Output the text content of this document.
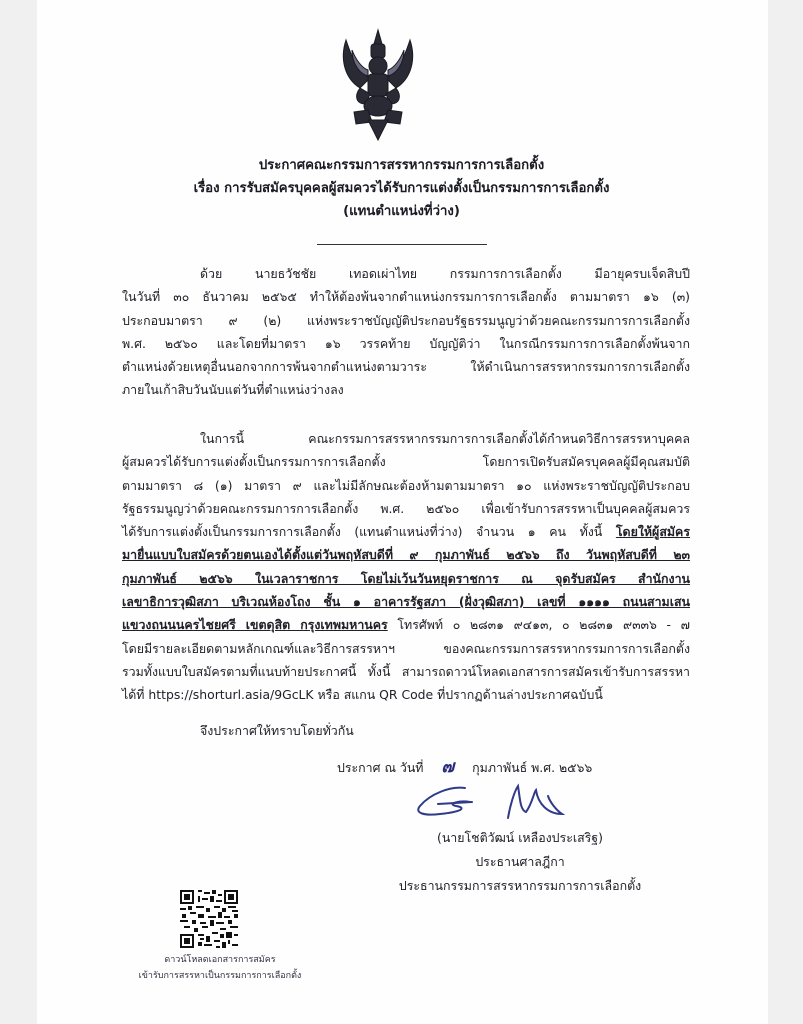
ประกาศคณะกรรมการสรรหากรรมการการเลือกตั้ง
เรื่อง การรับสมัครบุคคลผู้สมควรได้รับการแต่งตั้งเป็นกรรมการการเลือกตั้ง
(แทนตำแหน่งที่ว่าง)
ด้วย นายธวัชชัย เทอดเผ่าไทย กรรมการการเลือกตั้ง มีอายุครบเจ็ดสิบปี
ในวันที่ ๓๐ ธันวาคม ๒๕๖๕ ทำให้ต้องพ้นจากตำแหน่งกรรมการการเลือกตั้ง ตามมาตรา ๑๖ (๓)
ประกอบมาตรา ๙ (๒) แห่งพระราชบัญญัติประกอบรัฐธรรมนูญว่าด้วยคณะกรรมการการเลือกตั้ง
พ.ศ. ๒๕๖๐ และโดยที่มาตรา ๑๖ วรรคท้าย บัญญัติว่า ในกรณีกรรมการการเลือกตั้งพ้นจาก
ตำแหน่งด้วยเหตุอื่นนอกจากการพ้นจากตำแหน่งตามวาระ ให้ดำเนินการสรรหากรรมการการเลือกตั้ง
ภายในเก้าสิบวันนับแต่วันที่ตำแหน่งว่างลง
ในการนี้ คณะกรรมการสรรหากรรมการการเลือกตั้งได้กำหนดวิธีการสรรหาบุคคล
ผู้สมควรได้รับการแต่งตั้งเป็นกรรมการการเลือกตั้ง โดยการเปิดรับสมัครบุคคลผู้มีคุณสมบัติ
ตามมาตรา ๘ (๑) มาตรา ๙ และไม่มีลักษณะต้องห้ามตามมาตรา ๑๐ แห่งพระราชบัญญัติประกอบ
รัฐธรรมนูญว่าด้วยคณะกรรมการการเลือกตั้ง พ.ศ. ๒๕๖๐ เพื่อเข้ารับการสรรหาเป็นบุคคลผู้สมควร
ได้รับการแต่งตั้งเป็นกรรมการการเลือกตั้ง (แทนตำแหน่งที่ว่าง) จำนวน ๑ คน ทั้งนี้ โดยให้ผู้สมัคร
มายื่นแบบใบสมัครด้วยตนเองได้ตั้งแต่วันพฤหัสบดีที่ ๙ กุมภาพันธ์ ๒๕๖๖ ถึง วันพฤหัสบดีที่ ๒๓
กุมภาพันธ์ ๒๕๖๖ ในเวลาราชการ โดยไม่เว้นวันหยุดราชการ ณ จุดรับสมัคร สำนักงาน
เลขาธิการวุฒิสภา บริเวณห้องโถง ชั้น ๑ อาคารรัฐสภา (ฝั่งวุฒิสภา) เลขที่ ๑๑๑๑ ถนนสามเสน
แขวงถนนนครไชยศรี เขตดุสิต กรุงเทพมหานคร โทรศัพท์ ๐ ๒๘๓๑ ๙๔๑๓, ๐ ๒๘๓๑ ๙๓๓๖ - ๗
โดยมีรายละเอียดตามหลักเกณฑ์และวิธีการสรรหาฯ ของคณะกรรมการสรรหากรรมการการเลือกตั้ง
รวมทั้งแบบใบสมัครตามที่แนบท้ายประกาศนี้ ทั้งนี้ สามารถดาวน์โหลดเอกสารการสมัครเข้ารับการสรรหา
ได้ที่ https://shorturl.asia/9GcLK หรือ สแกน QR Code ที่ปรากฏด้านล่างประกาศฉบับนี้
จึงประกาศให้ทราบโดยทั่วกัน
ประกาศ ณ วันที่ ๗ กุมภาพันธ์ พ.ศ. ๒๕๖๖
(นายโชติวัฒน์ เหลืองประเสริฐ)
ประธานศาลฎีกา
ประธานกรรมการสรรหากรรมการการเลือกตั้ง
ดาวน์โหลดเอกสารการสมัคร
เข้ารับการสรรหาเป็นกรรมการการเลือกตั้ง
